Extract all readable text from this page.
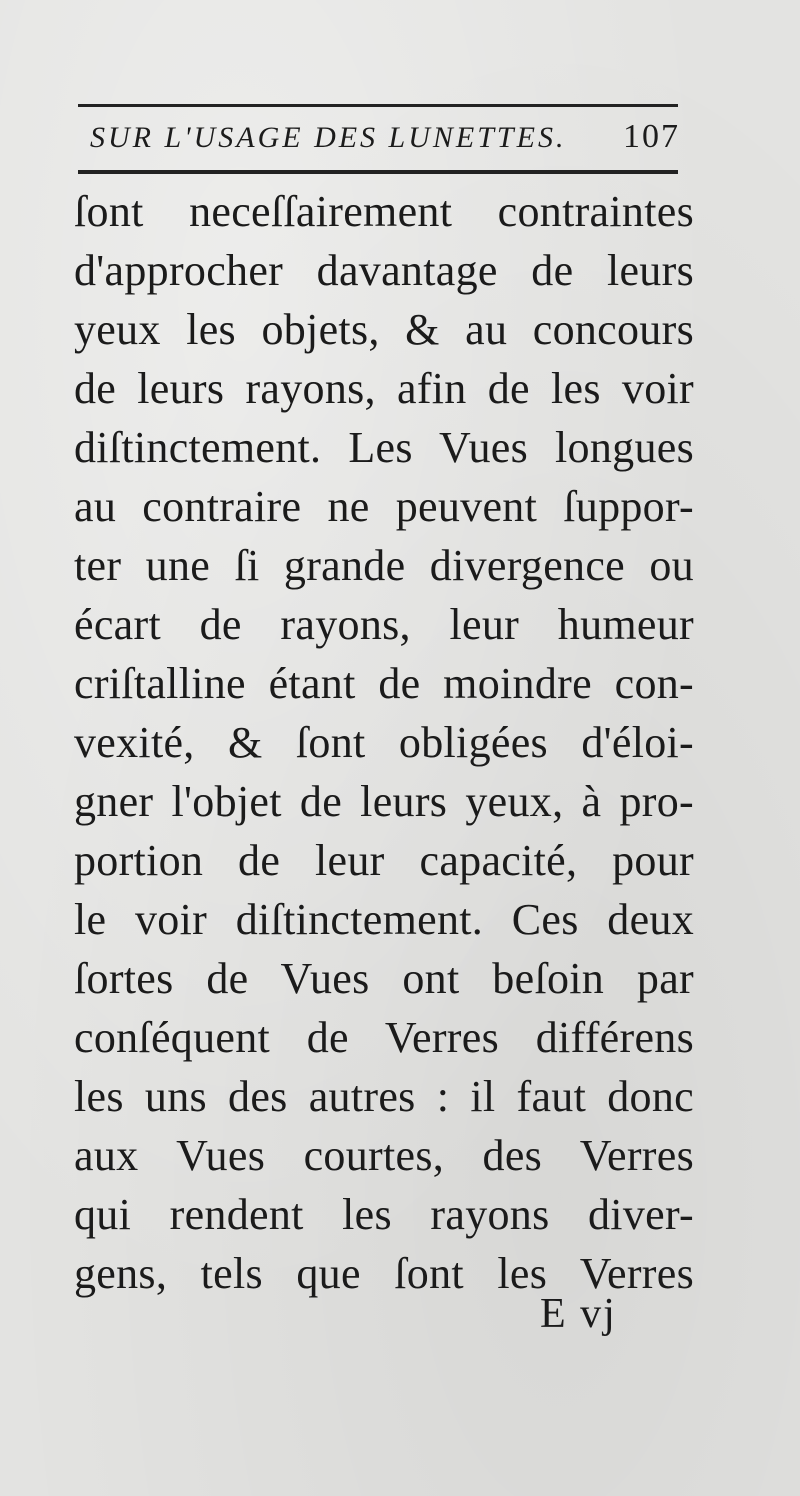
SUR L'USAGE DES LUNETTES. 107
ſont neceſſairement contraintes
d'approcher davantage de leurs
yeux les objets, & au concours
de leurs rayons, afin de les voir
diſtinctement. Les Vues longues
au contraire ne peuvent ſuppor-
ter une ſi grande divergence ou
écart de rayons, leur humeur
criſtalline étant de moindre con-
vexité, & ſont obligées d'éloi-
gner l'objet de leurs yeux, à pro-
portion de leur capacité, pour
le voir diſtinctement. Ces deux
ſortes de Vues ont beſoin par
conſéquent de Verres différens
les uns des autres : il faut donc
aux Vues courtes, des Verres
qui rendent les rayons diver-
gens, tels que ſont les Verres
E vj
